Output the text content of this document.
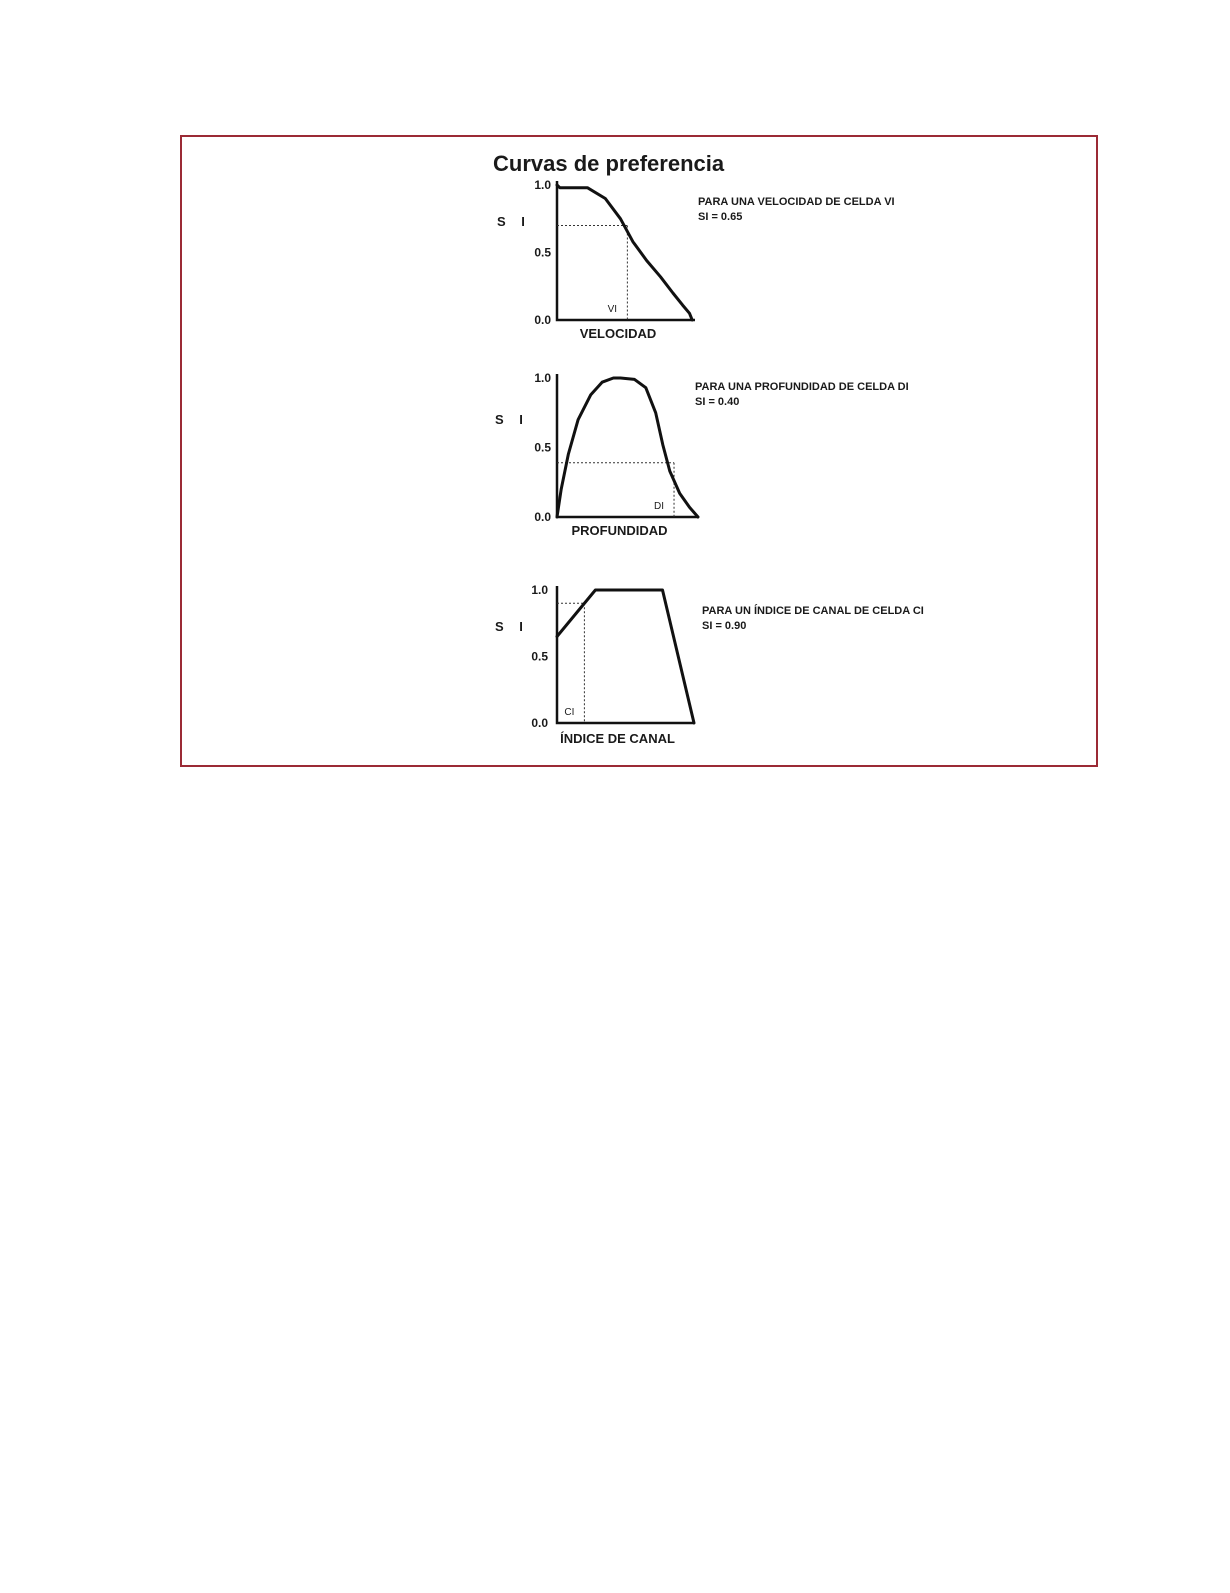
Curvas de preferencia
1.0
0.5
0.0
S I
VELOCIDAD
VI
PARA UNA VELOCIDAD DE CELDA VI
SI = 0.65
1.0
0.5
0.0
S I
PROFUNDIDAD
DI
PARA UNA PROFUNDIDAD DE CELDA DI
SI = 0.40
1.0
0.5
0.0
S I
ÍNDICE DE CANAL
CI
PARA UN ÍNDICE DE CANAL DE CELDA CI
SI = 0.90
